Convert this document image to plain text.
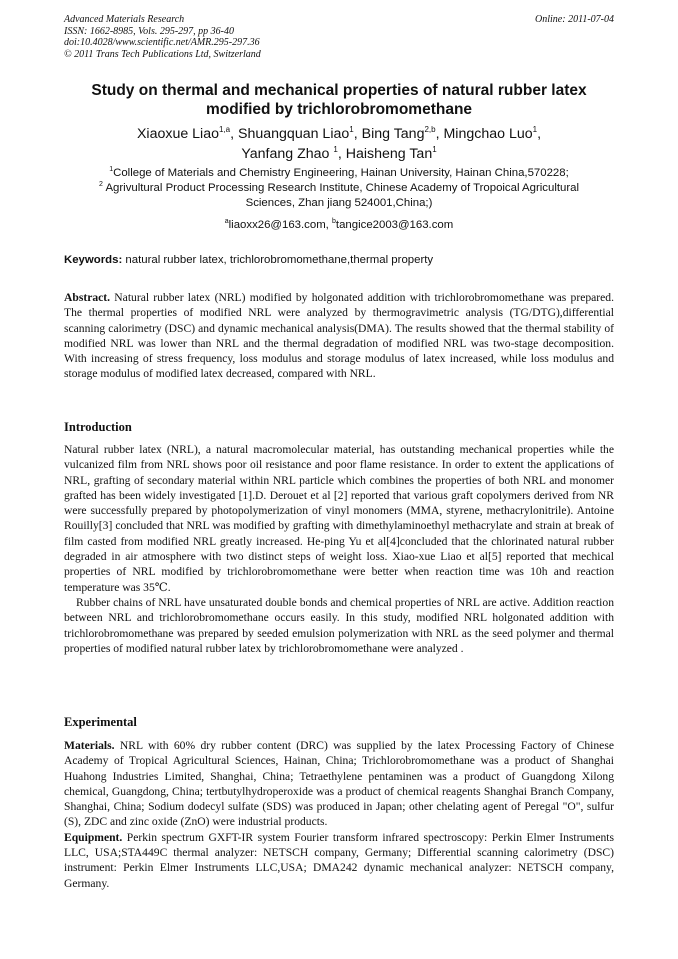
Advanced Materials Research
ISSN: 1662-8985, Vols. 295-297, pp 36-40
doi:10.4028/www.scientific.net/AMR.295-297.36
© 2011 Trans Tech Publications Ltd, Switzerland
Online: 2011-07-04
Study on thermal and mechanical properties of natural rubber latex
modified by trichlorobromomethane
Xiaoxue Liao$^{1,a}$, Shuangquan Liao$^1$, Bing Tang$^{2,b}$, Mingchao Luo$^1$,
Yanfang Zhao $^1$, Haisheng Tan$^1$
$^1$College of Materials and Chemistry Engineering, Hainan University, Hainan China,570228;
$^2$ Agrivultural Product Processing Research Institute, Chinese Academy of Tropoical Agricultural
Sciences, Zhan jiang 524001,China;)
$^a$liaoxx26@163.com, $^b$tangice2003@163.com
Keywords: natural rubber latex, trichlorobromomethane,thermal property

Abstract. Natural rubber latex (NRL) modified by holgonated addition with trichlorobromomethane was prepared. The thermal properties of modified NRL were analyzed by thermogravimetric analysis (TG/DTG),differential scanning calorimetry (DSC) and dynamic mechanical analysis(DMA). The results showed that the thermal stability of modified NRL was lower than NRL and the thermal degradation of modified NRL was two-stage decomposition. With increasing of stress frequency, loss modulus and storage modulus of latex increased, while loss modulus and storage modulus of modified latex decreased, compared with NRL.

Introduction

Natural rubber latex (NRL), a natural macromolecular material, has outstanding mechanical properties while the vulcanized film from NRL shows poor oil resistance and poor flame resistance. In order to extent the applications of NRL, grafting of secondary material within NRL particle which combines the properties of both NRL and monomer grafted has been widely investigated [1].D. Derouet et al [2] reported that various graft copolymers derived from NR were successfully prepared by photopolymerization of vinyl monomers (MMA, styrene, methacrylonitrile). Antoine Rouilly[3] concluded that NRL was modified by grafting with dimethylaminoethyl methacrylate and strain at break of film casted from modified NRL greatly increased. He-ping Yu et al[4]concluded that the chlorinated natural rubber degraded in air atmosphere with two distinct steps of weight loss. Xiao-xue Liao et al[5] reported that mechical properties of NRL modified by trichlorobromomethane were better when reaction time was 10h and reaction temperature was 35℃.

Rubber chains of NRL have unsaturated double bonds and chemical properties of NRL are active. Addition reaction between NRL and trichlorobromomethane occurs easily. In this study, modified NRL holgonated addition with trichlorobromomethane was prepared by seeded emulsion polymerization with NRL as the seed polymer and thermal properties of modified natural rubber latex by trichlorobromomethane were analyzed .

Experimental

Materials. NRL with 60% dry rubber content (DRC) was supplied by the latex Processing Factory of Chinese Academy of Tropical Agricultural Sciences, Hainan, China; Trichlorobromomethane was a product of Shanghai Huahong Industries Limited, Shanghai, China; Tetraethylene pentaminen was a product of Guangdong Xilong chemical, Guangdong, China; tertbutylhydroperoxide was a product of chemical reagents Shanghai Branch Company, Shanghai, China; Sodium dodecyl sulfate (SDS) was produced in Japan; other chelating agent of Peregal "O", sulfur (S), ZDC and zinc oxide (ZnO) were industrial products.

Equipment. Perkin spectrum GXFT-IR system Fourier transform infrared spectroscopy: Perkin Elmer Instruments LLC, USA;STA449C thermal analyzer: NETSCH company, Germany; Differential scanning calorimetry (DSC) instrument: Perkin Elmer Instruments LLC,USA; DMA242 dynamic mechanical analyzer: NETSCH company, Germany.
